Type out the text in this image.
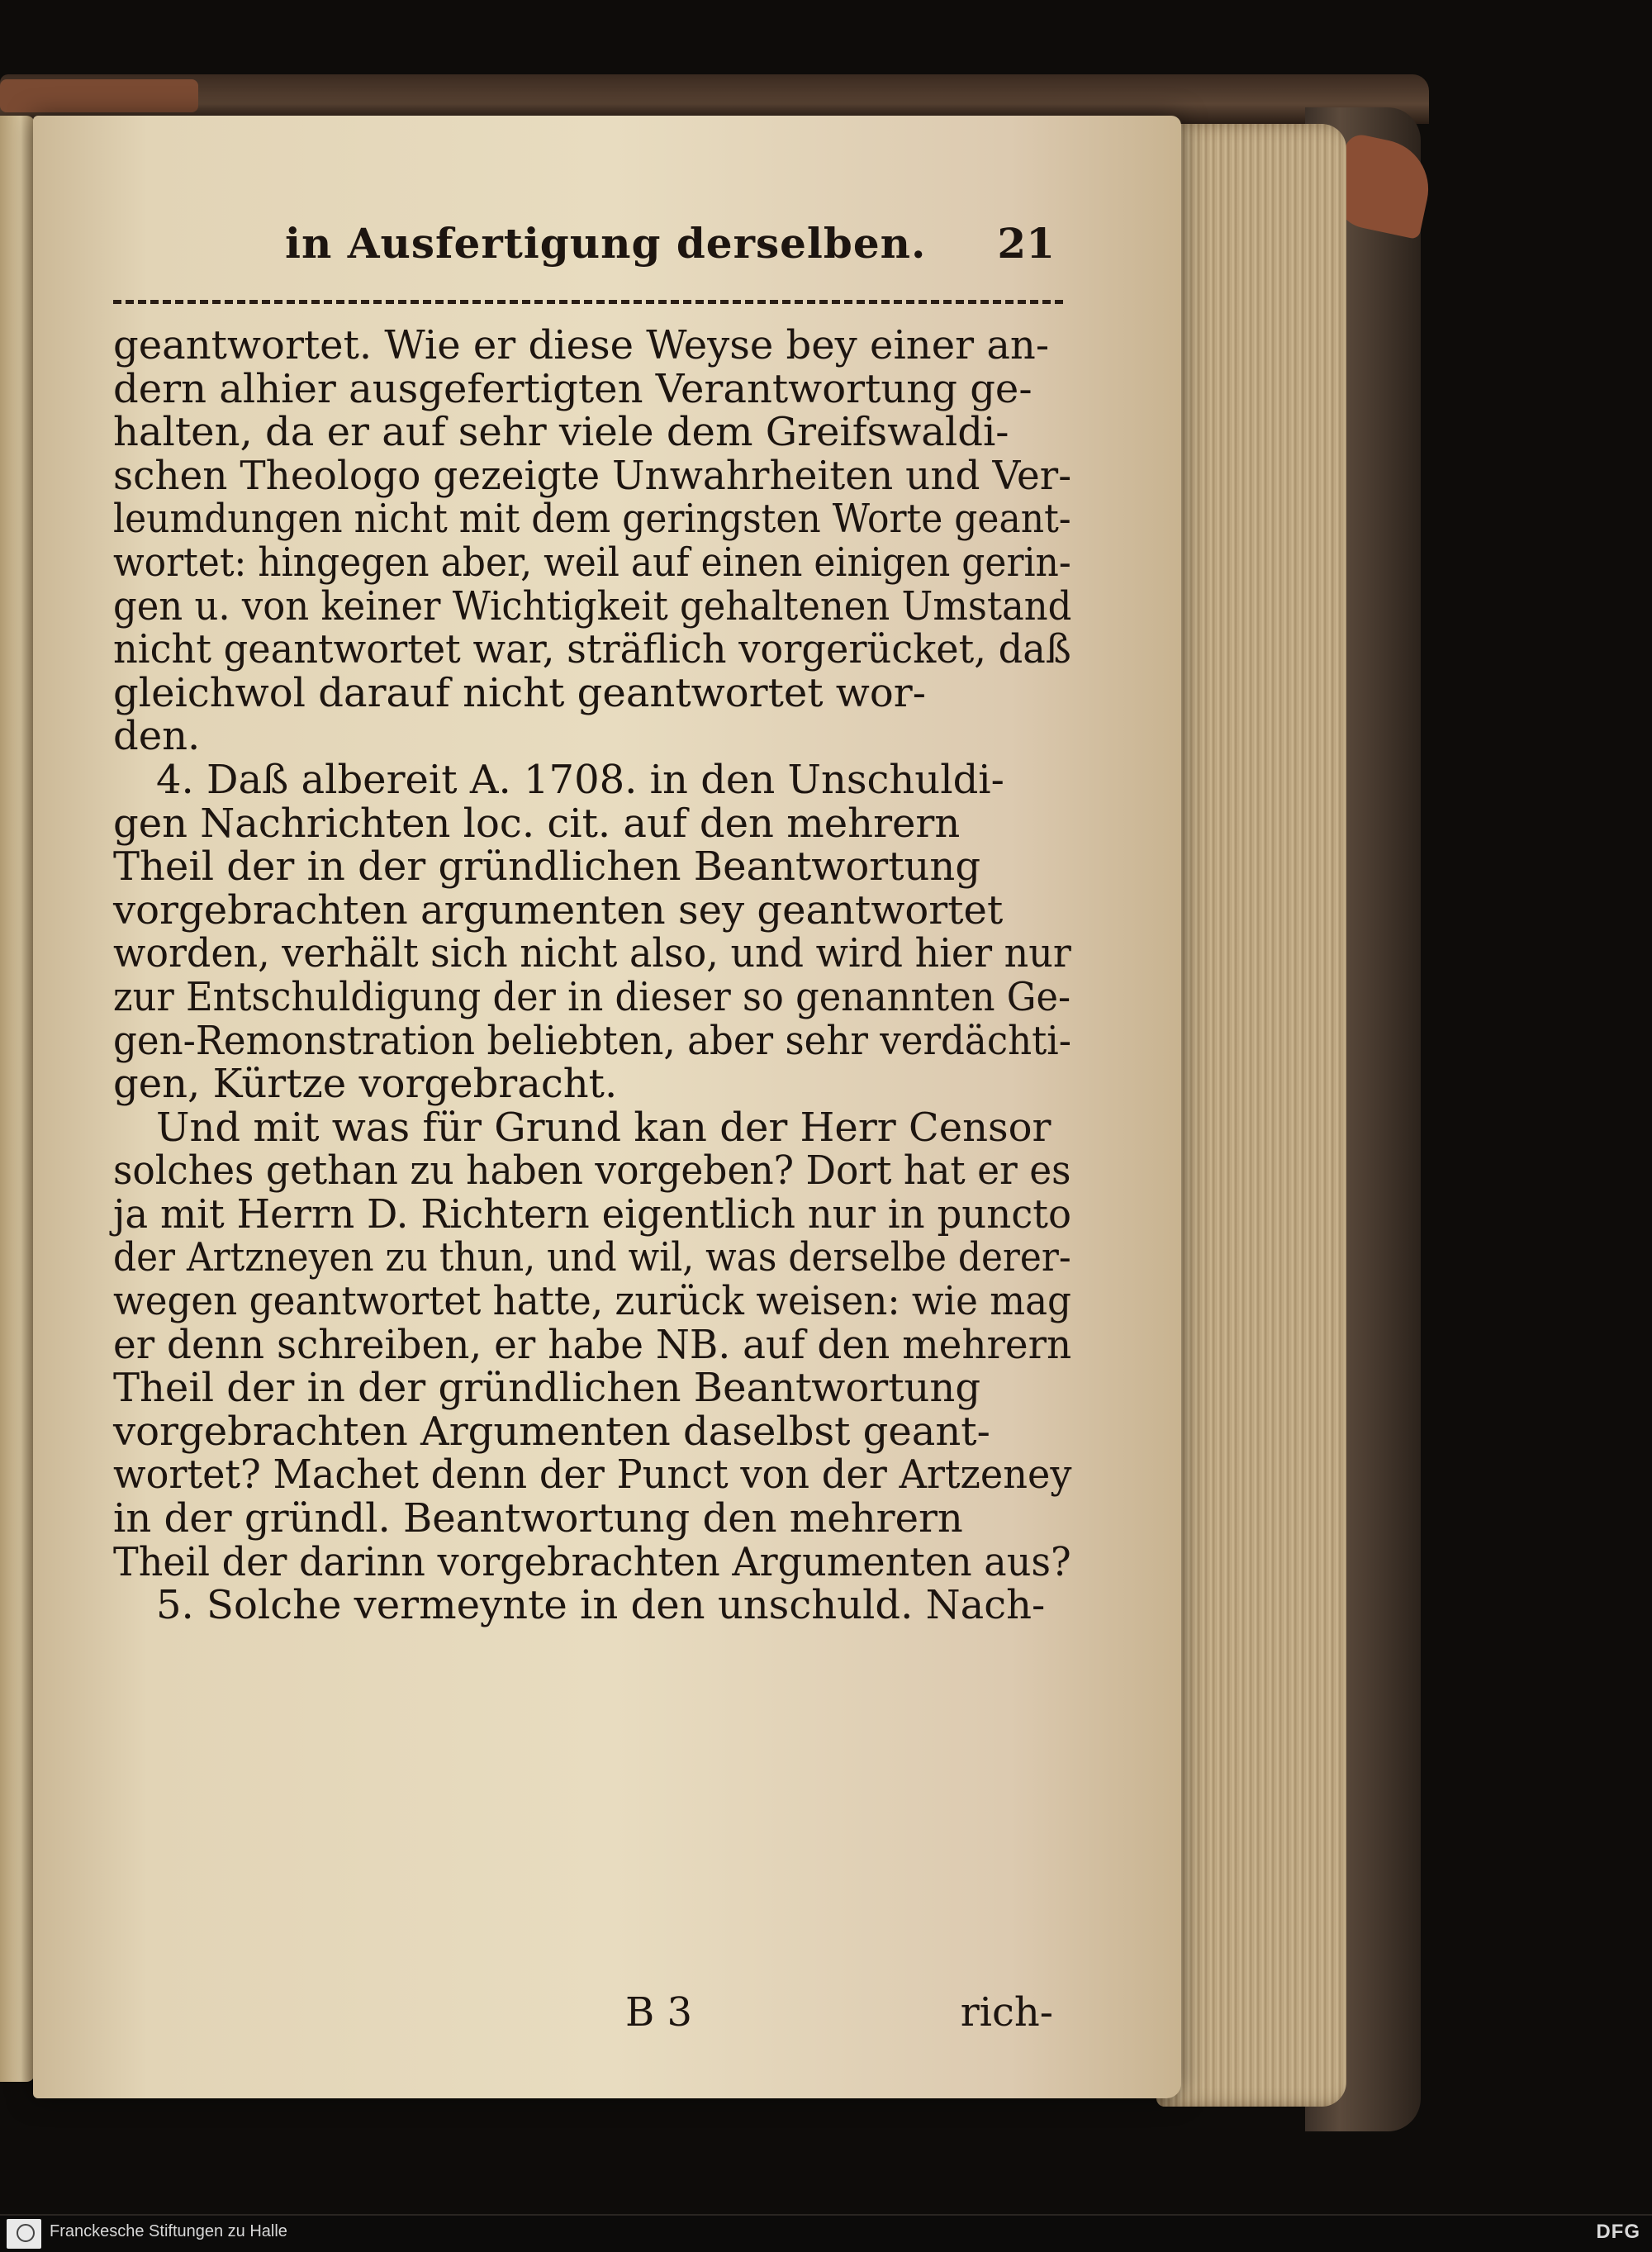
in Ausfertigung derselben. 21
geantwortet. Wie er diese Weyse bey einer an-
dern alhier ausgefertigten Verantwortung ge-
halten, da er auf sehr viele dem Greifswaldi-
schen Theologo gezeigte Unwahrheiten und Ver-
leumdungen nicht mit dem geringsten Worte geant-
wortet: hingegen aber, weil auf einen einigen gerin-
gen u. von keiner Wichtigkeit gehaltenen Umstand
nicht geantwortet war, sträflich vorgerücket, daß
gleichwol darauf nicht geantwortet wor-
den.
4. Daß albereit A. 1708. in den Unschuldi-
gen Nachrichten loc. cit. auf den mehrern
Theil der in der gründlichen Beantwortung
vorgebrachten argumenten sey geantwortet
worden, verhält sich nicht also, und wird hier nur
zur Entschuldigung der in dieser so genannten Ge-
gen-Remonstration beliebten, aber sehr verdächti-
gen, Kürtze vorgebracht.
Und mit was für Grund kan der Herr Censor
solches gethan zu haben vorgeben? Dort hat er es
ja mit Herrn D. Richtern eigentlich nur in puncto
der Artzneyen zu thun, und wil, was derselbe derer-
wegen geantwortet hatte, zurück weisen: wie mag
er denn schreiben, er habe NB. auf den mehrern
Theil der in der gründlichen Beantwortung
vorgebrachten Argumenten daselbst geant-
wortet? Machet denn der Punct von der Artzeney
in der gründl. Beantwortung den mehrern
Theil der darinn vorgebrachten Argumenten aus?
5. Solche vermeynte in den unschuld. Nach-
B 3	rich-
Franckesche Stiftungen zu Halle	DFG
